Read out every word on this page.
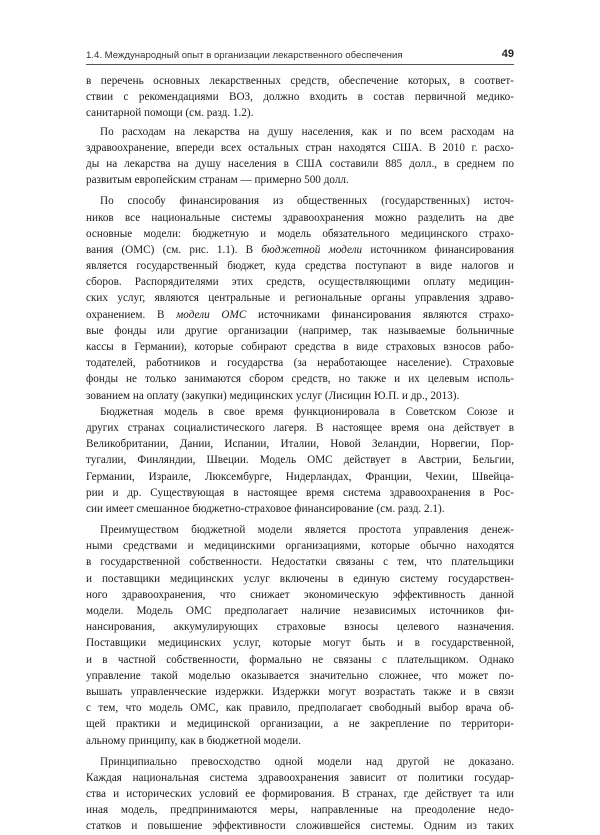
1.4. Международный опыт в организации лекарственного обеспечения	49
в перечень основных лекарственных средств, обеспечение которых, в соответ-
ствии с рекомендациями ВОЗ, должно входить в состав первичной медико-
санитарной помощи (см. разд. 1.2).
По расходам на лекарства на душу населения, как и по всем расходам на
здравоохранение, впереди всех остальных стран находятся США. В 2010 г. расхо-
ды на лекарства на душу населения в США составили 885 долл., в среднем по
развитым европейским странам — примерно 500 долл.
По способу финансирования из общественных (государственных) источ-
ников все национальные системы здравоохранения можно разделить на две
основные модели: бюджетную и модель обязательного медицинского страхо-
вания (ОМС) (см. рис. 1.1). В бюджетной модели источником финансирования
является государственный бюджет, куда средства поступают в виде налогов и
сборов. Распорядителями этих средств, осуществляющими оплату медицин-
ских услуг, являются центральные и региональные органы управления здраво-
охранением. В модели ОМС источниками финансирования являются страхо-
вые фонды или другие организации (например, так называемые больничные
кассы в Германии), которые собирают средства в виде страховых взносов рабо-
тодателей, работников и государства (за неработающее население). Страховые
фонды не только занимаются сбором средств, но также и их целевым исполь-
зованием на оплату (закупки) медицинских услуг (Лисицин Ю.П. и др., 2013).
Бюджетная модель в свое время функционировала в Советском Союзе и
других странах социалистического лагеря. В настоящее время она действует в
Великобритании, Дании, Испании, Италии, Новой Зеландии, Норвегии, Пор-
тугалии, Финляндии, Швеции. Модель ОМС действует в Австрии, Бельгии,
Германии, Израиле, Люксембурге, Нидерландах, Франции, Чехии, Швейца-
рии и др. Существующая в настоящее время система здравоохранения в Рос-
сии имеет смешанное бюджетно-страховое финансирование (см. разд. 2.1).
Преимуществом бюджетной модели является простота управления денеж-
ными средствами и медицинскими организациями, которые обычно находятся
в государственной собственности. Недостатки связаны с тем, что плательщики
и поставщики медицинских услуг включены в единую систему государствен-
ного здравоохранения, что снижает экономическую эффективность данной
модели. Модель ОМС предполагает наличие независимых источников фи-
нансирования, аккумулирующих страховые взносы целевого назначения.
Поставщики медицинских услуг, которые могут быть и в государственной,
и в частной собственности, формально не связаны с плательщиком. Однако
управление такой моделью оказывается значительно сложнее, что может по-
вышать управленческие издержки. Издержки могут возрастать также и в связи
с тем, что модель ОМС, как правило, предполагает свободный выбор врача об-
щей практики и медицинской организации, а не закрепление по территори-
альному принципу, как в бюджетной модели.
Принципиально превосходство одной модели над другой не доказано.
Каждая национальная система здравоохранения зависит от политики государ-
ства и исторических условий ее формирования. В странах, где действует та или
иная модель, предпринимаются меры, направленные на преодоление недо-
статков и повышение эффективности сложившейся системы. Одним из таких
